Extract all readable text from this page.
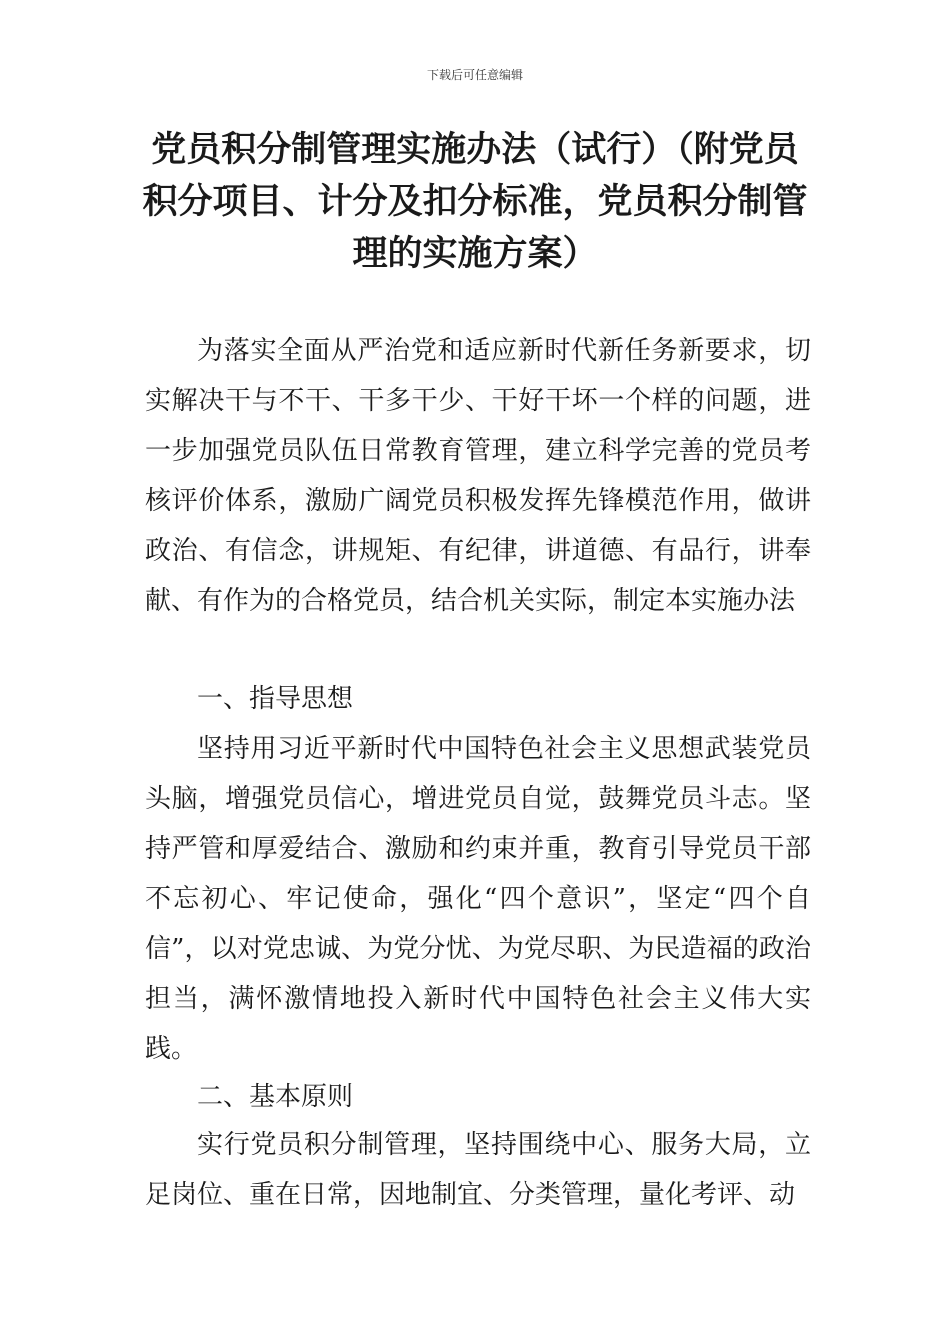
下载后可任意编辑
党员积分制管理实施办法（试行）（附党员积分项目、计分及扣分标准，党员积分制管理的实施方案）

为落实全面从严治党和适应新时代新任务新要求，切实解决干与不干、干多干少、干好干坏一个样的问题，进一步加强党员队伍日常教育管理，建立科学完善的党员考核评价体系，激励广阔党员积极发挥先锋模范作用，做讲政治、有信念，讲规矩、有纪律，讲道德、有品行，讲奉献、有作为的合格党员，结合机关实际，制定本实施办法

一、指导思想

坚持用习近平新时代中国特色社会主义思想武装党员头脑，增强党员信心，增进党员自觉，鼓舞党员斗志。坚持严管和厚爱结合、激励和约束并重，教育引导党员干部不忘初心、牢记使命，强化“四个意识”，坚定“四个自信”，以对党忠诚、为党分忧、为党尽职、为民造福的政治担当，满怀激情地投入新时代中国特色社会主义伟大实践。

二、基本原则

实行党员积分制管理，坚持围绕中心、服务大局，立足岗位、重在日常，因地制宜、分类管理，量化考评、动
